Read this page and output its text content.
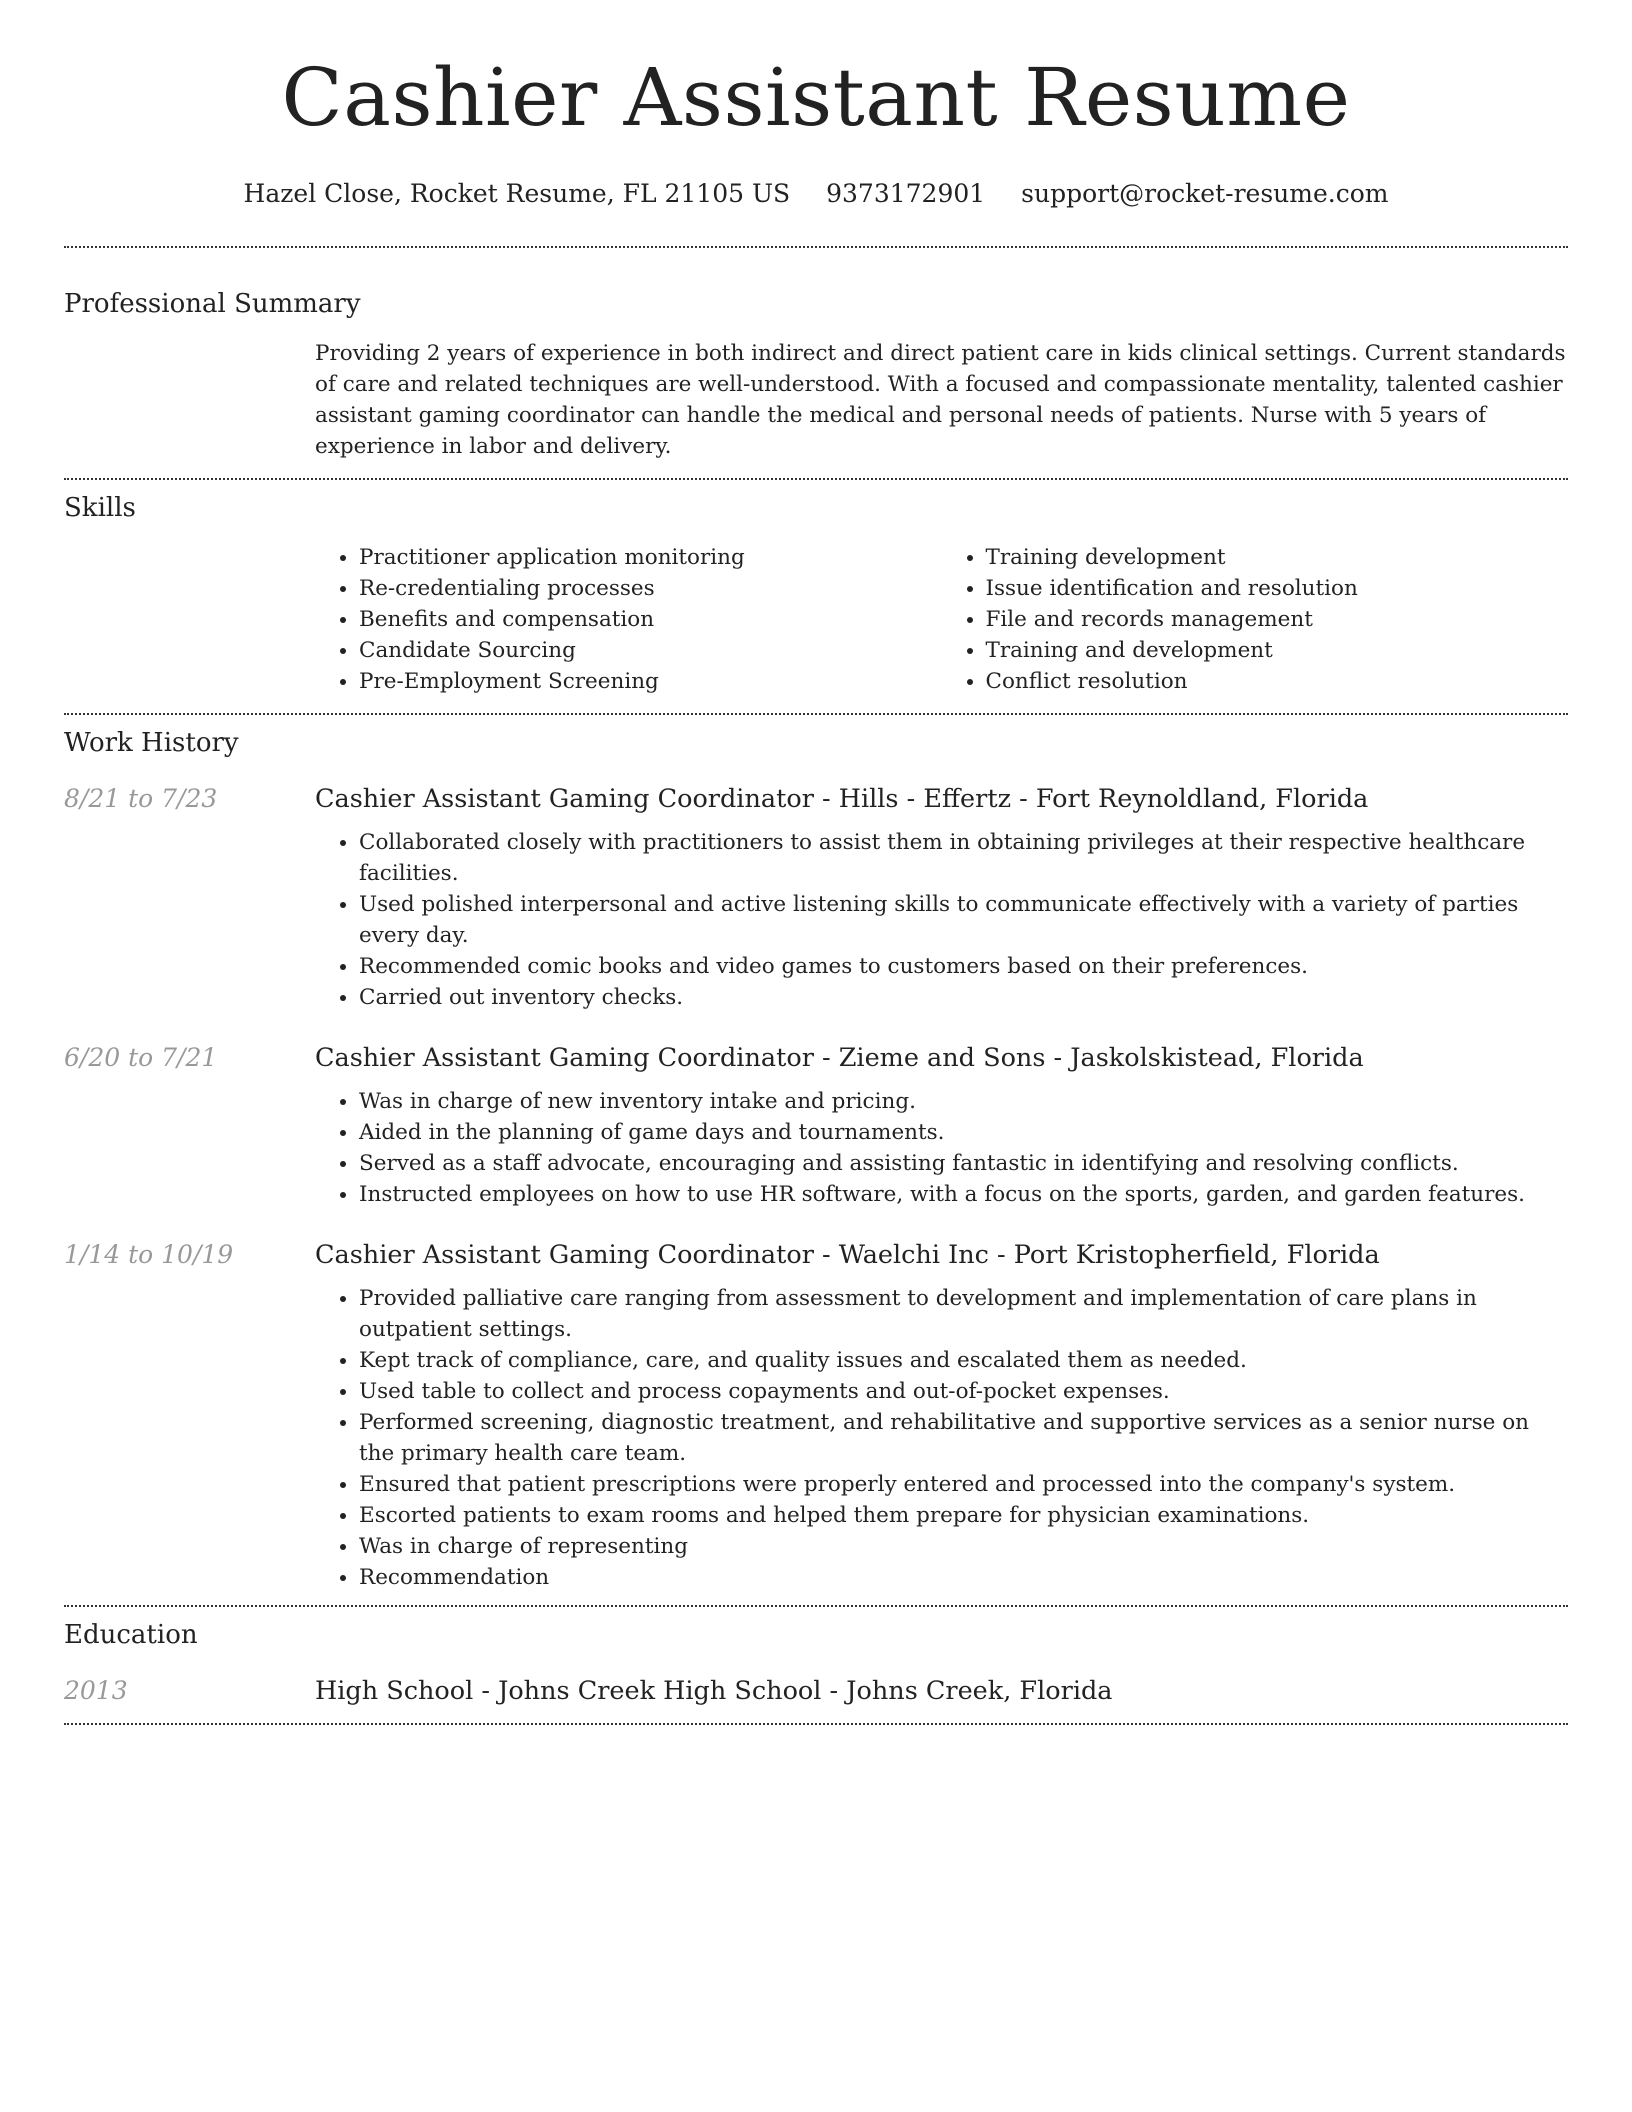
Cashier Assistant Resume
Hazel Close, Rocket Resume, FL 21105 US 9373172901 support@rocket-resume.com
Professional Summary

Providing 2 years of experience in both indirect and direct patient care in kids clinical settings. Current standards of care and related techniques are well-understood. With a focused and compassionate mentality, talented cashier assistant gaming coordinator can handle the medical and personal needs of patients. Nurse with 5 years of experience in labor and delivery.

Skills
• Practitioner application monitoring
• Re-credentialing processes
• Benefits and compensation
• Candidate Sourcing
• Pre-Employment Screening
• Training development
• Issue identification and resolution
• File and records management
• Training and development
• Conflict resolution
Work History
8/21 to 7/23	Cashier Assistant Gaming Coordinator - Hills - Effertz - Fort Reynoldland, Florida
• Collaborated closely with practitioners to assist them in obtaining privileges at their respective healthcare facilities.
• Used polished interpersonal and active listening skills to communicate effectively with a variety of parties every day.
• Recommended comic books and video games to customers based on their preferences.
• Carried out inventory checks.
6/20 to 7/21	Cashier Assistant Gaming Coordinator - Zieme and Sons - Jaskolskistead, Florida
• Was in charge of new inventory intake and pricing.
• Aided in the planning of game days and tournaments.
• Served as a staff advocate, encouraging and assisting fantastic in identifying and resolving conflicts.
• Instructed employees on how to use HR software, with a focus on the sports, garden, and garden features.
1/14 to 10/19	Cashier Assistant Gaming Coordinator - Waelchi Inc - Port Kristopherfield, Florida
• Provided palliative care ranging from assessment to development and implementation of care plans in outpatient settings.
• Kept track of compliance, care, and quality issues and escalated them as needed.
• Used table to collect and process copayments and out-of-pocket expenses.
• Performed screening, diagnostic treatment, and rehabilitative and supportive services as a senior nurse on the primary health care team.
• Ensured that patient prescriptions were properly entered and processed into the company's system.
• Escorted patients to exam rooms and helped them prepare for physician examinations.
• Was in charge of representing
• Recommendation
Education
2013	High School - Johns Creek High School - Johns Creek, Florida
